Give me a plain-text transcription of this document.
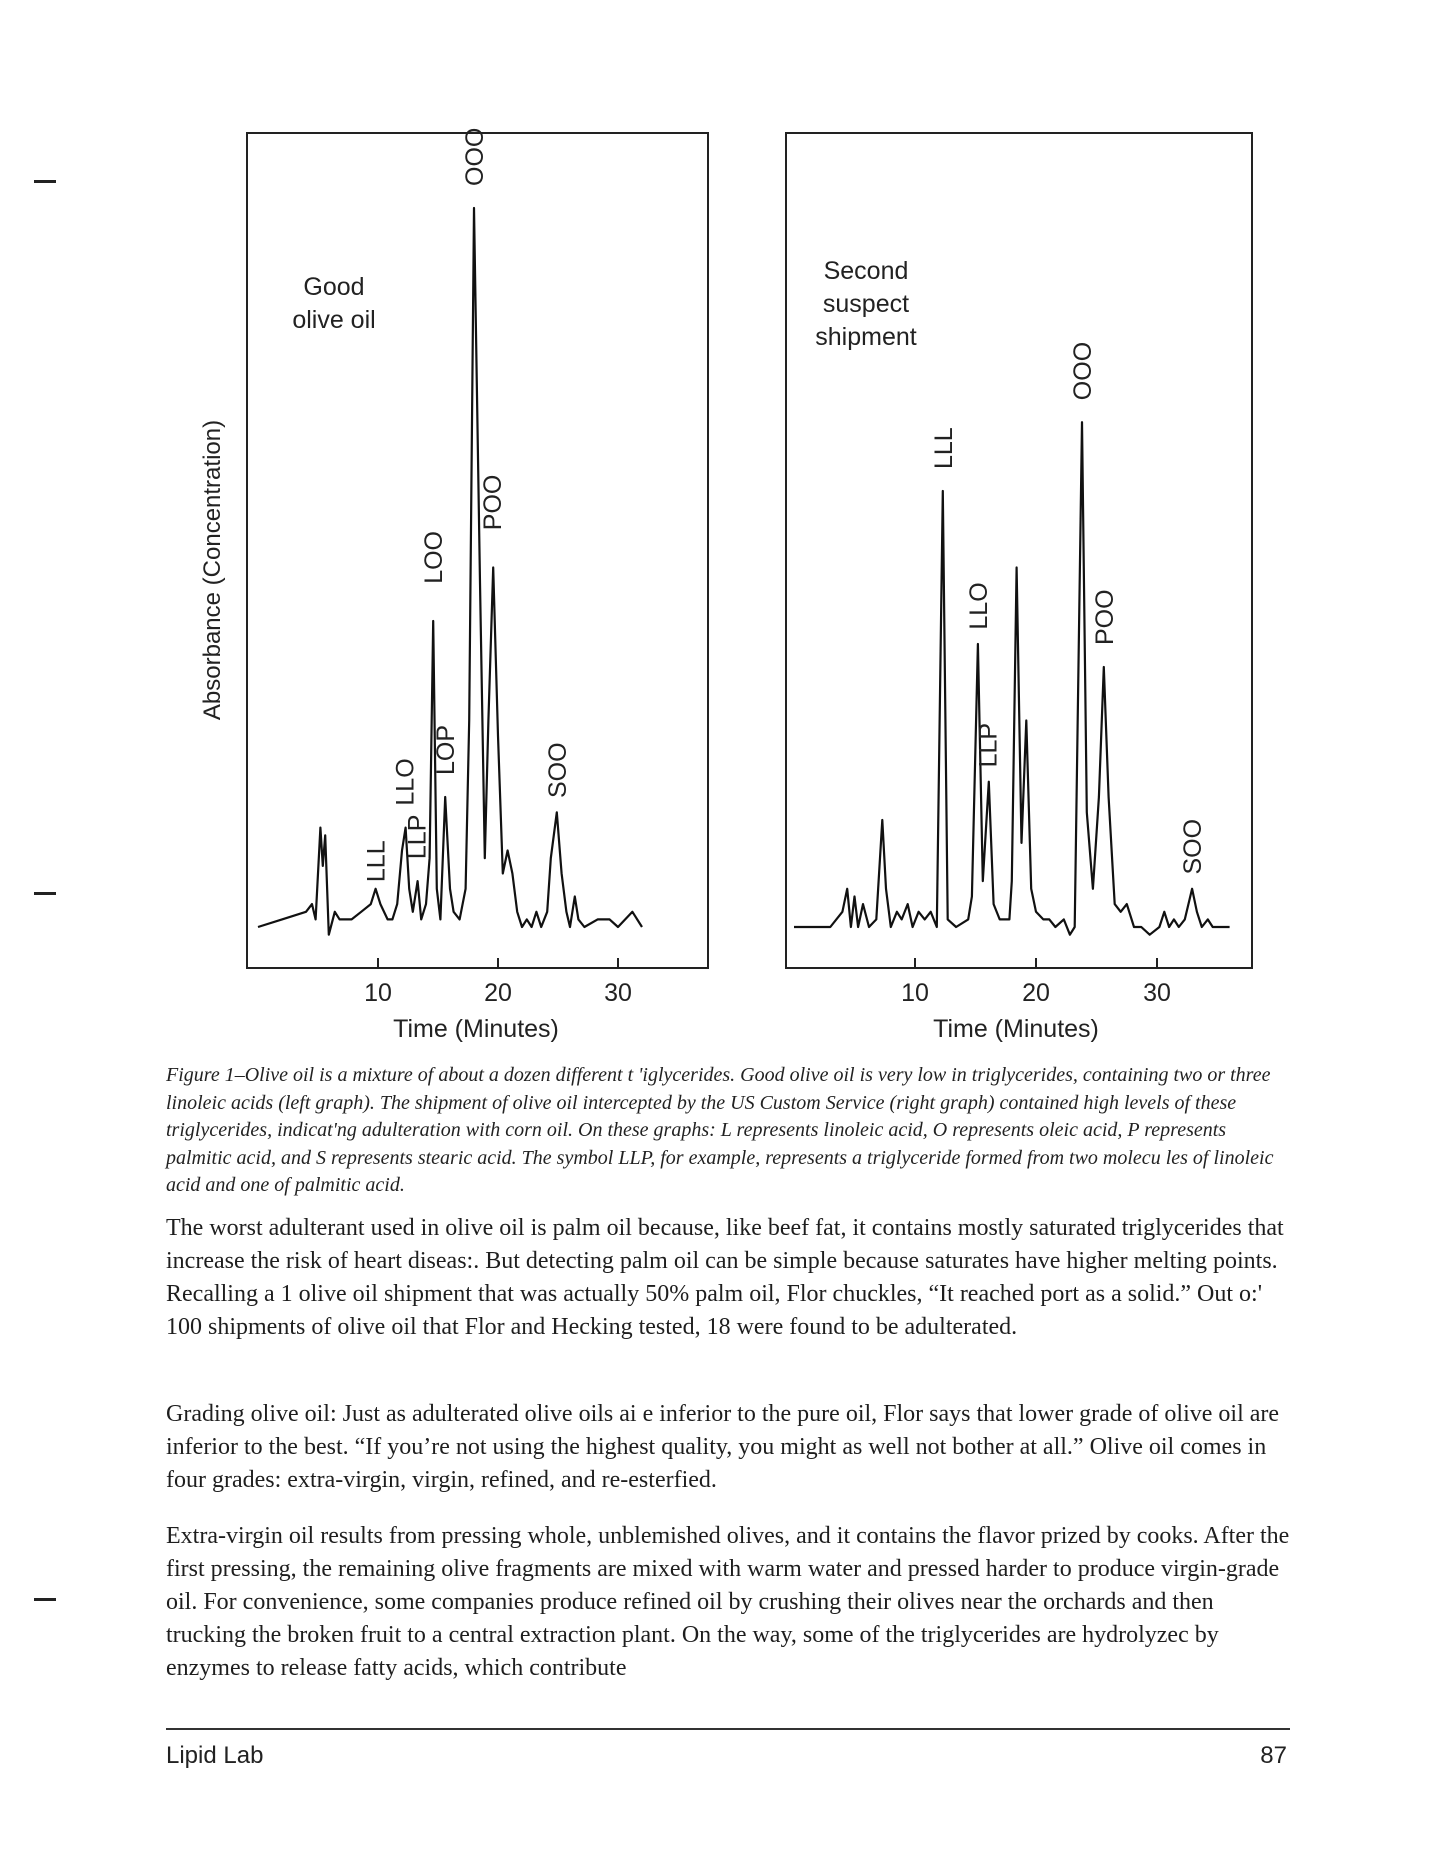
Absorbance (Concentration)
Good
olive oil
10	20	30
LLL
LLO
LLP
LOO
LOP
OOO
POO
SOO
Time (Minutes)
Second
suspect
shipment
10	20	30
LLL
LLO
LLP
OOO
POO
SOO
Time (Minutes)
Figure 1–Olive oil is a mixture of about a dozen different t 'iglycerides. Good olive oil is very low in triglycerides, containing two or three linoleic acids (left graph). The shipment of olive oil intercepted by the US Custom Service (right graph) contained high levels of these triglycerides, indicat'ng adulteration with corn oil. On these graphs: L represents linoleic acid, O represents oleic acid, P represents palmitic acid, and S represents stearic acid. The symbol LLP, for example, represents a triglyceride formed from two molecu les of linoleic acid and one of palmitic acid.

The worst adulterant used in olive oil is palm oil because, like beef fat, it contains mostly saturated triglycerides that increase the risk of heart diseas:. But detecting palm oil can be simple because saturates have higher melting points. Recalling a 1 olive oil shipment that was actually 50% palm oil, Flor chuckles, “It reached port as a solid.” Out o:' 100 shipments of olive oil that Flor and Hecking tested, 18 were found to be adulterated.

Grading olive oil: Just as adulterated olive oils ai e inferior to the pure oil, Flor says that lower grade of olive oil are inferior to the best. “If you’re not using the highest quality, you might as well not bother at all.” Olive oil comes in four grades: extra-virgin, virgin, refined, and re-esterfied.

Extra-virgin oil results from pressing whole, unblemished olives, and it contains the flavor prized by cooks. After the first pressing, the remaining olive fragments are mixed with warm water and pressed harder to produce virgin-grade oil. For convenience, some companies produce refined oil by crushing their olives near the orchards and then trucking the broken fruit to a central extraction plant. On the way, some of the triglycerides are hydrolyzec by enzymes to release fatty acids, which contribute

Lipid Lab	87
